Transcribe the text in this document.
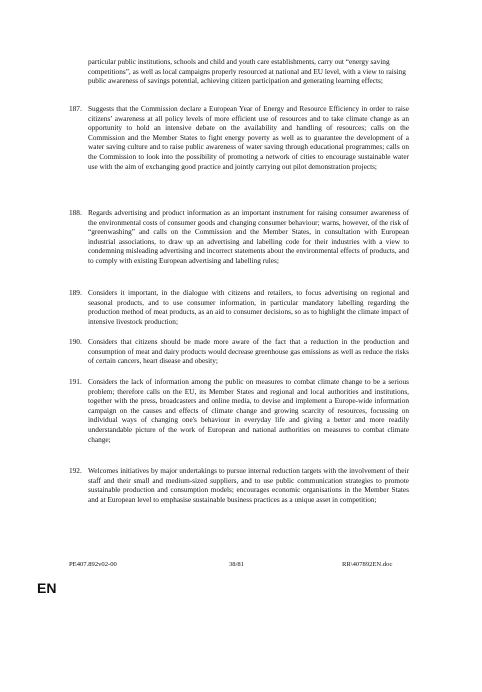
particular public institutions, schools and child and youth care establishments, carry out “energy saving competitions”, as well as local campaigns properly resourced at national and EU level, with a view to raising public awareness of savings potential, achieving citizen participation and generating learning effects;
187. Suggests that the Commission declare a European Year of Energy and Resource Efficiency in order to raise citizens’ awareness at all policy levels of more efficient use of resources and to take climate change as an opportunity to hold an intensive debate on the availability and handling of resources; calls on the Commission and the Member States to fight energy poverty as well as to guarantee the development of a water saving culture and to raise public awareness of water saving through educational programmes; calls on the Commission to look into the possibility of promoting a network of cities to encourage sustainable water use with the aim of exchanging good practice and jointly carrying out pilot demonstration projects;
188. Regards advertising and product information as an important instrument for raising consumer awareness of the environmental costs of consumer goods and changing consumer behaviour; warns, however, of the risk of “greenwashing” and calls on the Commission and the Member States, in consultation with European industrial associations, to draw up an advertising and labelling code for their industries with a view to condemning misleading advertising and incorrect statements about the environmental effects of products, and to comply with existing European advertising and labelling rules;
189. Considers it important, in the dialogue with citizens and retailers, to focus advertising on regional and seasonal products, and to use consumer information, in particular mandatory labelling regarding the production method of meat products, as an aid to consumer decisions, so as to highlight the climate impact of intensive livestock production;
190. Considers that citizens should be made more aware of the fact that a reduction in the production and consumption of meat and dairy products would decrease greenhouse gas emissions as well as reduce the risks of certain cancers, heart disease and obesity;
191. Considers the lack of information among the public on measures to combat climate change to be a serious problem; therefore calls on the EU, its Member States and regional and local authorities and institutions, together with the press, broadcasters and online media, to devise and implement a Europe-wide information campaign on the causes and effects of climate change and growing scarcity of resources, focussing on individual ways of changing one's behaviour in everyday life and giving a better and more readily understandable picture of the work of European and national authorities on measures to combat climate change;
192. Welcomes initiatives by major undertakings to pursue internal reduction targets with the involvement of their staff and their small and medium-sized suppliers, and to use public communication strategies to promote sustainable production and consumption models; encourages economic organisations in the Member States and at European level to emphasise sustainable business practices as a unique asset in competition;
PE407.892v02-00	38/81	RR\407892EN.doc
EN
